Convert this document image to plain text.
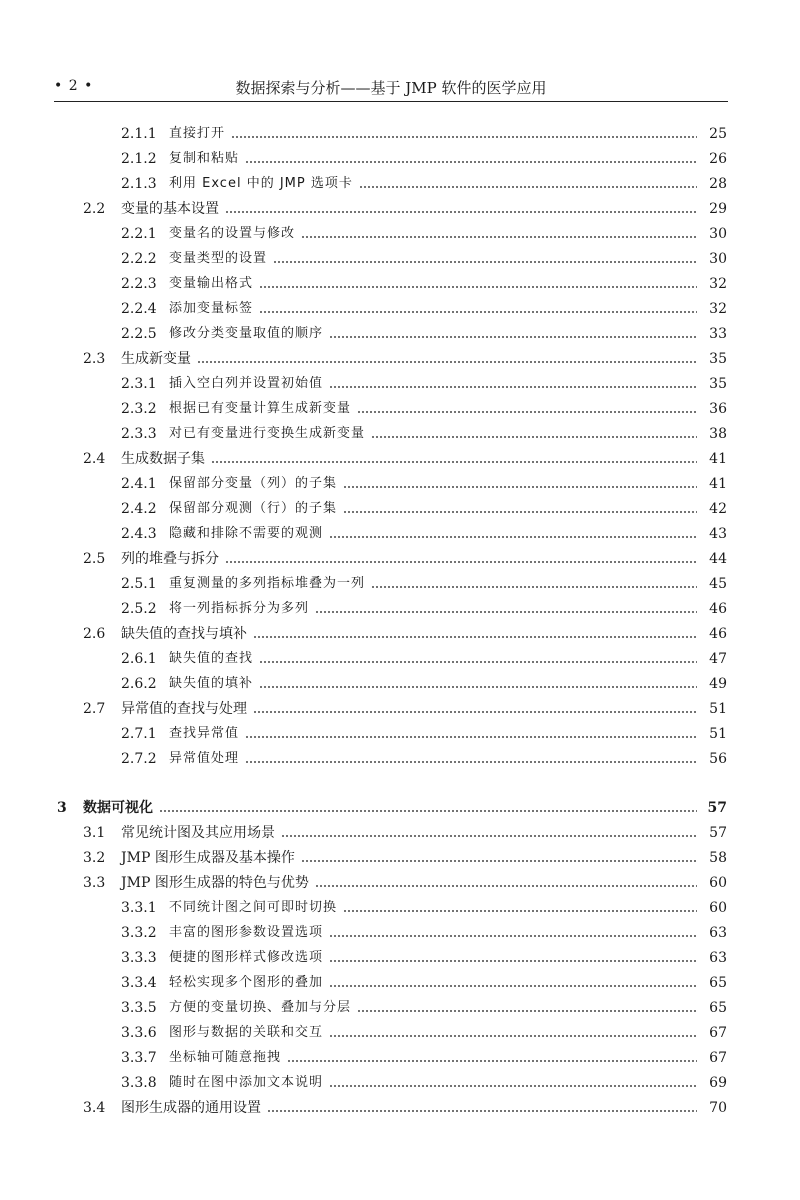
• 2 •	数据探索与分析——基于 JMP 软件的医学应用
2.1.1 直接打开	25
2.1.2 复制和粘贴	26
2.1.3 利用 Excel 中的 JMP 选项卡	28
2.2	变量的基本设置	29
2.2.1 变量名的设置与修改	30
2.2.2 变量类型的设置	30
2.2.3 变量输出格式	32
2.2.4 添加变量标签	32
2.2.5 修改分类变量取值的顺序	33
2.3	生成新变量	35
2.3.1 插入空白列并设置初始值	35
2.3.2 根据已有变量计算生成新变量	36
2.3.3 对已有变量进行变换生成新变量	38
2.4	生成数据子集	41
2.4.1 保留部分变量（列）的子集	41
2.4.2 保留部分观测（行）的子集	42
2.4.3 隐藏和排除不需要的观测	43
2.5	列的堆叠与拆分	44
2.5.1 重复测量的多列指标堆叠为一列	45
2.5.2 将一列指标拆分为多列	46
2.6	缺失值的查找与填补	46
2.6.1 缺失值的查找	47
2.6.2 缺失值的填补	49
2.7	异常值的查找与处理	51
2.7.1 查找异常值	51
2.7.2 异常值处理	56
3	数据可视化	57
3.1	常见统计图及其应用场景	57
3.2	JMP 图形生成器及基本操作	58
3.3	JMP 图形生成器的特色与优势	60
3.3.1 不同统计图之间可即时切换	60
3.3.2 丰富的图形参数设置选项	63
3.3.3 便捷的图形样式修改选项	63
3.3.4 轻松实现多个图形的叠加	65
3.3.5 方便的变量切换、叠加与分层	65
3.3.6 图形与数据的关联和交互	67
3.3.7 坐标轴可随意拖拽	67
3.3.8 随时在图中添加文本说明	69
3.4	图形生成器的通用设置	70
